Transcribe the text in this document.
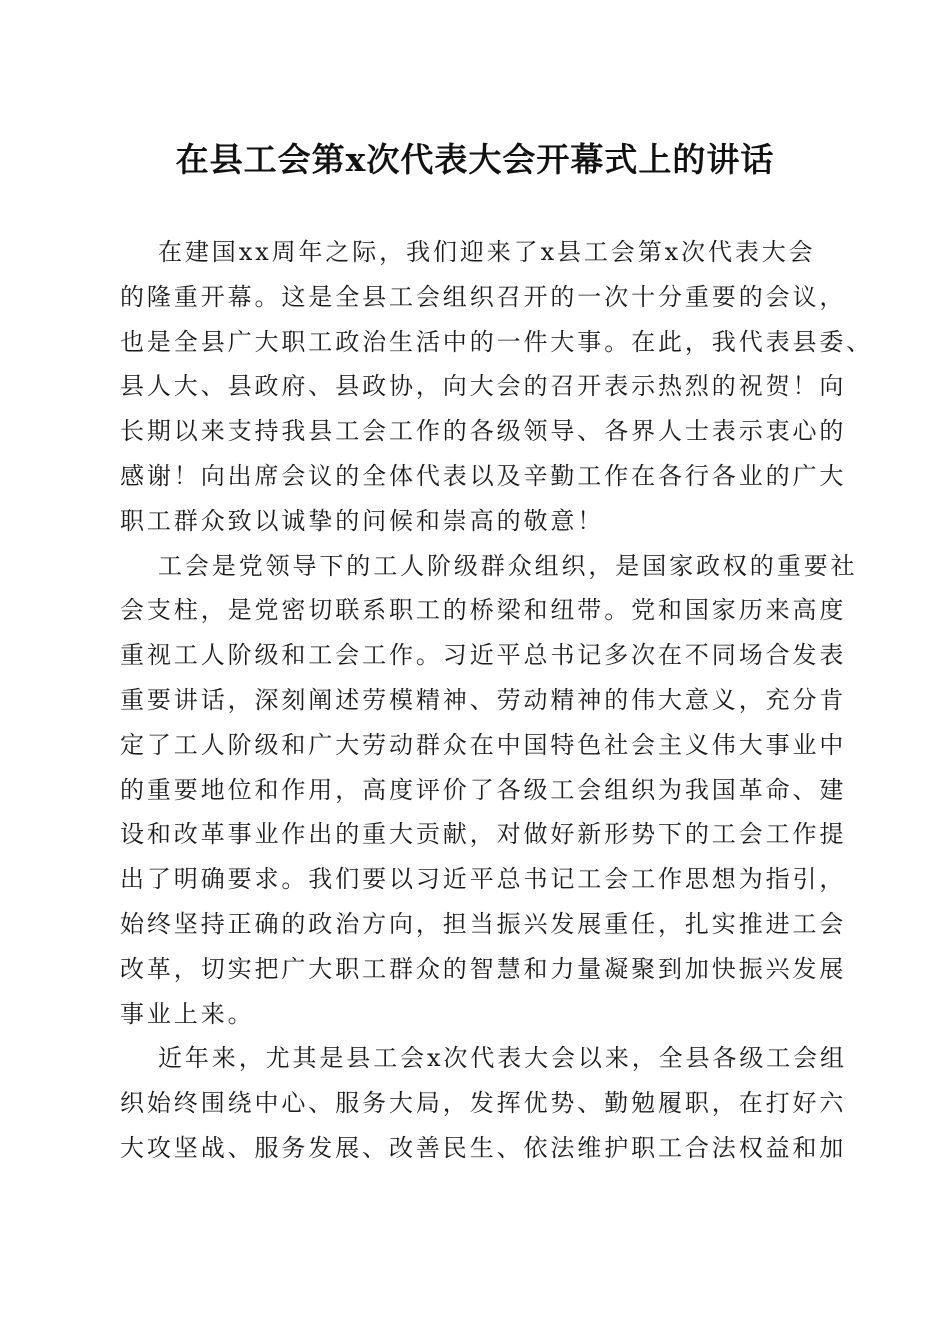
在县工会第x次代表大会开幕式上的讲话

在建国xx周年之际，我们迎来了x县工会第x次代表大会
的隆重开幕。这是全县工会组织召开的一次十分重要的会议，
也是全县广大职工政治生活中的一件大事。在此，我代表县委、
县人大、县政府、县政协，向大会的召开表示热烈的祝贺！向
长期以来支持我县工会工作的各级领导、各界人士表示衷心的
感谢！向出席会议的全体代表以及辛勤工作在各行各业的广大
职工群众致以诚挚的问候和崇高的敬意！

工会是党领导下的工人阶级群众组织，是国家政权的重要社
会支柱，是党密切联系职工的桥梁和纽带。党和国家历来高度
重视工人阶级和工会工作。习近平总书记多次在不同场合发表
重要讲话，深刻阐述劳模精神、劳动精神的伟大意义，充分肯
定了工人阶级和广大劳动群众在中国特色社会主义伟大事业中
的重要地位和作用，高度评价了各级工会组织为我国革命、建
设和改革事业作出的重大贡献，对做好新形势下的工会工作提
出了明确要求。我们要以习近平总书记工会工作思想为指引，
始终坚持正确的政治方向，担当振兴发展重任，扎实推进工会
改革，切实把广大职工群众的智慧和力量凝聚到加快振兴发展
事业上来。

近年来，尤其是县工会x次代表大会以来，全县各级工会组
织始终围绕中心、服务大局，发挥优势、勤勉履职，在打好六
大攻坚战、服务发展、改善民生、依法维护职工合法权益和加
